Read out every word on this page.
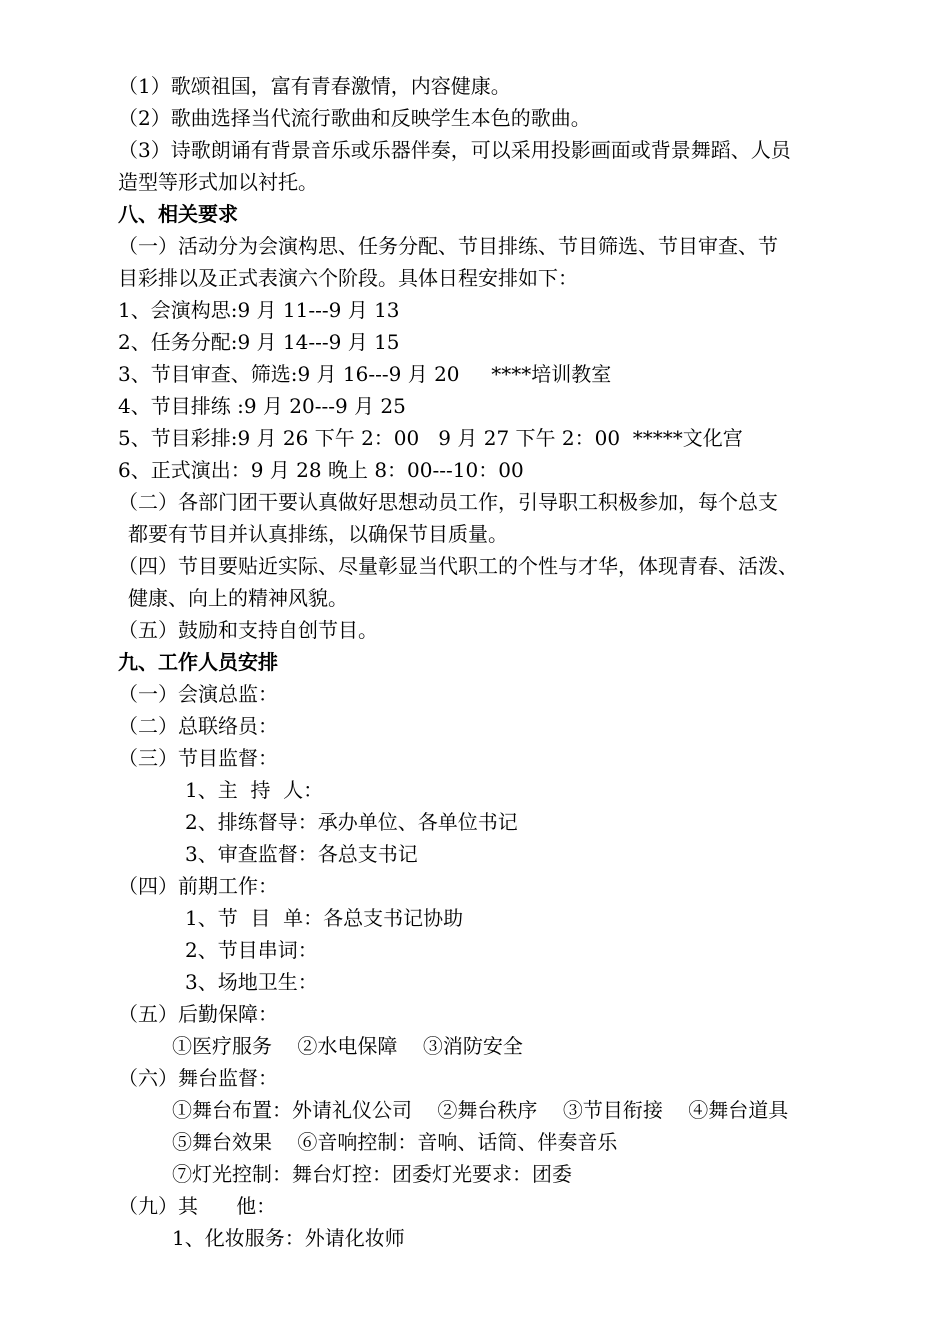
（1）歌颂祖国，富有青春激情，内容健康。
（2）歌曲选择当代流行歌曲和反映学生本色的歌曲。
（3）诗歌朗诵有背景音乐或乐器伴奏，可以采用投影画面或背景舞蹈、人员
造型等形式加以衬托。
八、相关要求
（一）活动分为会演构思、任务分配、节目排练、节目筛选、节目审查、节
目彩排以及正式表演六个阶段。具体日程安排如下：
1、会演构思:9 月 11---9 月 13
2、任务分配:9 月 14---9 月 15
3、节目审查、筛选:9 月 16---9 月 20     ****培训教室
4、节目排练 :9 月 20---9 月 25
5、节目彩排:9 月 26 下午 2：00   9 月 27 下午 2：00  *****文化宫
6、正式演出：9 月 28 晚上 8：00---10：00
（二）各部门团干要认真做好思想动员工作，引导职工积极参加，每个总支
都要有节目并认真排练，以确保节目质量。
（四）节目要贴近实际、尽量彰显当代职工的个性与才华，体现青春、活泼、
健康、向上的精神风貌。
（五）鼓励和支持自创节目。
九、工作人员安排
（一）会演总监：
（二）总联络员：
（三）节目监督：
1、主  持  人：
2、排练督导：承办单位、各单位书记
3、审查监督：各总支书记
（四）前期工作：
1、节  目  单：各总支书记协助
2、节目串词：
3、场地卫生：
（五）后勤保障：
①医疗服务    ②水电保障    ③消防安全
（六）舞台监督：
①舞台布置：外请礼仪公司    ②舞台秩序    ③节目衔接    ④舞台道具
⑤舞台效果    ⑥音响控制：音响、话筒、伴奏音乐
⑦灯光控制：舞台灯控：团委灯光要求：团委
（九）其      他：
1、化妆服务：外请化妆师
